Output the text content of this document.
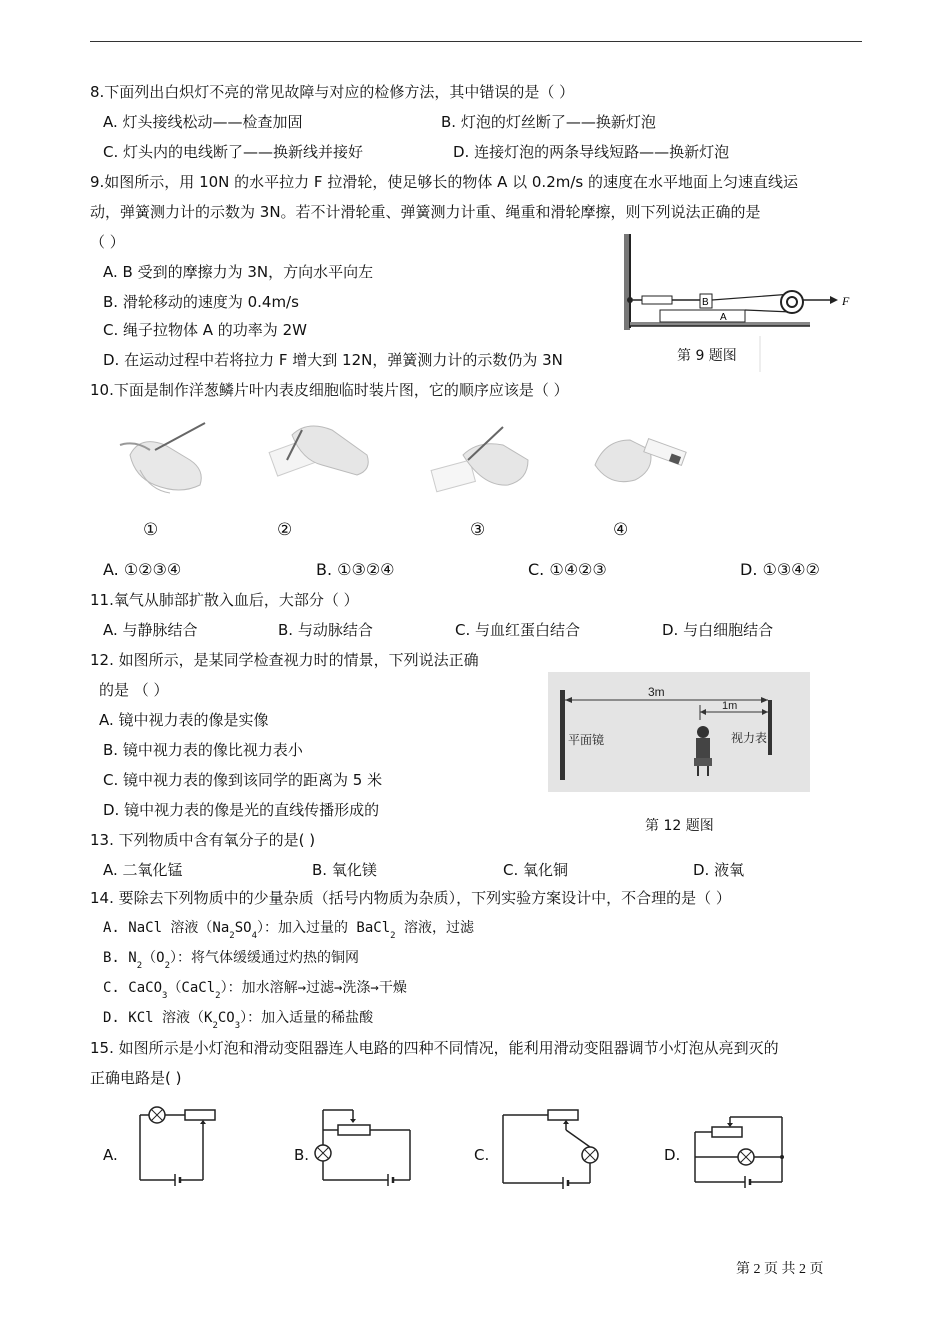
8.下面列出白炽灯不亮的常见故障与对应的检修方法，其中错误的是（ ）
A. 灯头接线松动——检查加固	B. 灯泡的灯丝断了——换新灯泡
C. 灯头内的电线断了——换新线并接好	D. 连接灯泡的两条导线短路——换新灯泡
9.如图所示，用 10N 的水平拉力 F 拉滑轮，使足够长的物体 A 以 0.2m/s 的速度在水平地面上匀速直线运
动，弹簧测力计的示数为 3N。若不计滑轮重、弹簧测力计重、绳重和滑轮摩擦，则下列说法正确的是
（ ）
A. B 受到的摩擦力为 3N，方向水平向左
B. 滑轮移动的速度为 0.4m/s
C. 绳子拉物体 A 的功率为 2W
D. 在运动过程中若将拉力 F 增大到 12N，弹簧测力计的示数仍为 3N
B
A
F
第 9 题图
10.下面是制作洋葱鳞片叶内表皮细胞临时装片图，它的顺序应该是（ ）
①	②	③	④
A. ①②③④	B. ①③②④	C. ①④②③	D. ①③④②
11.氧气从肺部扩散入血后，大部分（ ）
A. 与静脉结合	B. 与动脉结合	C. 与血红蛋白结合	D. 与白细胞结合
12. 如图所示，是某同学检查视力时的情景，下列说法正确
的是 （ ）
A. 镜中视力表的像是实像
B. 镜中视力表的像比视力表小
C. 镜中视力表的像到该同学的距离为 5 米
D. 镜中视力表的像是光的直线传播形成的
3m
1m
平面镜	视力表
第 12 题图
13. 下列物质中含有氧分子的是( )
A. 二氧化锰	B. 氧化镁	C. 氧化铜	D. 液氧
14. 要除去下列物质中的少量杂质（括号内物质为杂质），下列实验方案设计中，不合理的是（ ）
A. NaCl 溶液$(Na_2SO_4)$：加入过量的 BaCl$_2$ 溶液，过滤
B. $N_2(O_2)$：将气体缓缓通过灼热的铜网
C. CaCO$_3$（CaCl$_2$）：加水溶解→过滤→洗涤→干燥
D. KCl 溶液$(K_2CO_3)$：加入适量的稀盐酸
15. 如图所示是小灯泡和滑动变阻器连人电路的四种不同情况，能利用滑动变阻器调节小灯泡从亮到灭的
正确电路是( )
A.	B.	C.	D.
第 2 页 共 2 页
